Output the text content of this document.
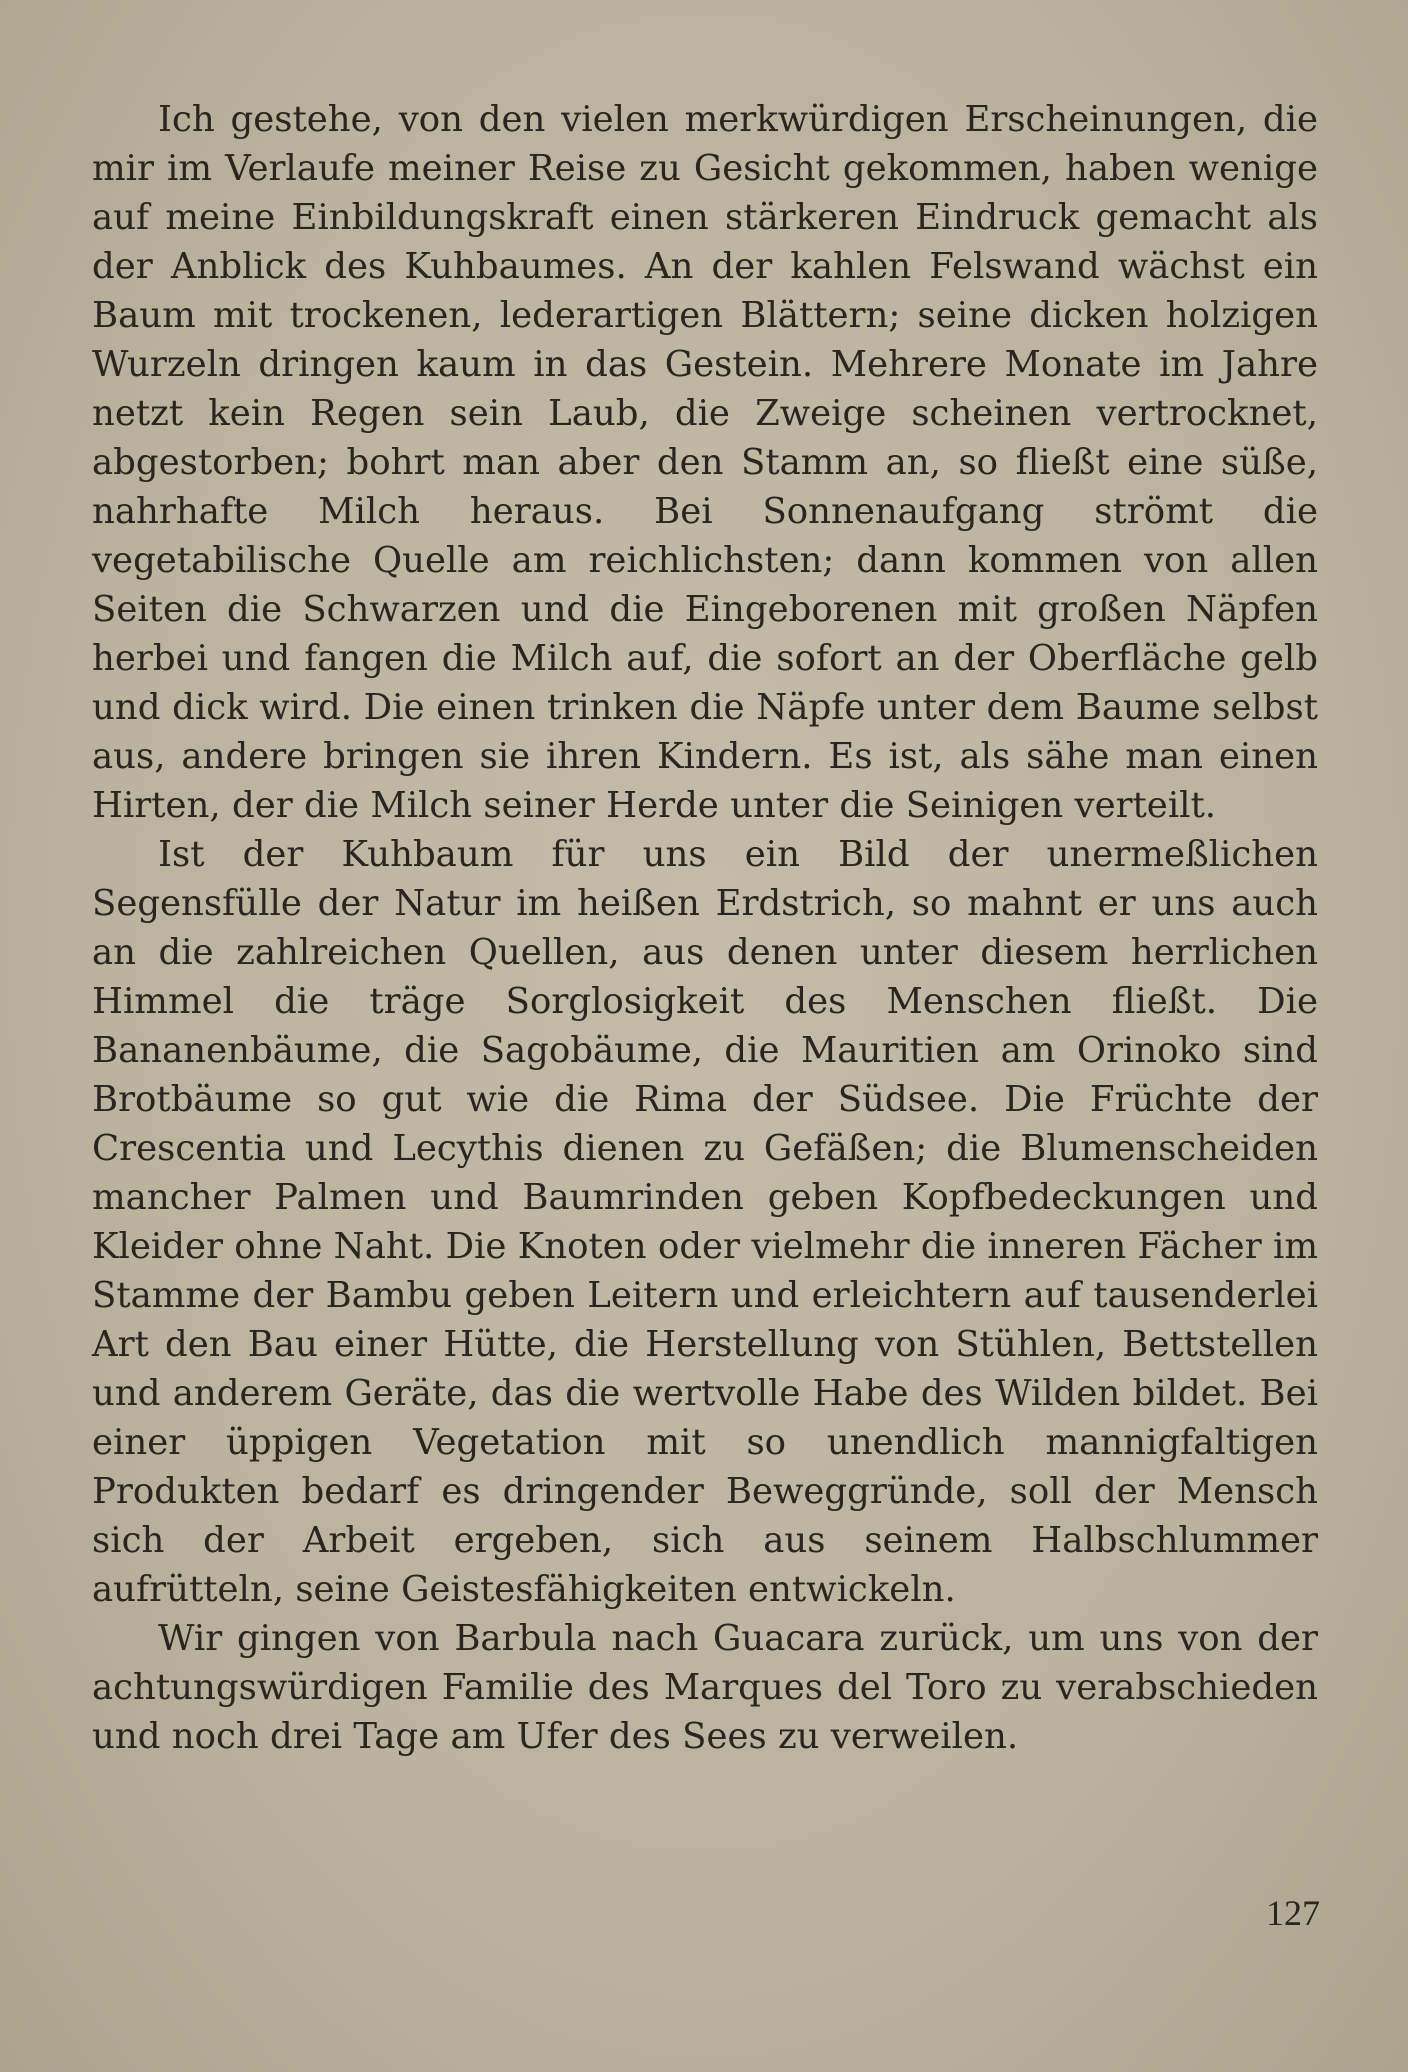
Ich gestehe, von den vielen merkwürdigen Erscheinungen, die mir im Verlaufe meiner Reise zu Gesicht gekommen, haben wenige auf meine Einbildungskraft einen stärkeren Eindruck gemacht als der Anblick des Kuhbaumes. An der kahlen Felswand wächst ein Baum mit trockenen, lederartigen Blättern; seine dicken holzigen Wurzeln dringen kaum in das Gestein. Mehrere Monate im Jahre netzt kein Regen sein Laub, die Zweige scheinen vertrocknet, abgestorben; bohrt man aber den Stamm an, so fließt eine süße, nahrhafte Milch heraus. Bei Sonnenaufgang strömt die vegetabilische Quelle am reichlichsten; dann kommen von allen Seiten die Schwarzen und die Eingeborenen mit großen Näpfen herbei und fangen die Milch auf, die sofort an der Oberfläche gelb und dick wird. Die einen trinken die Näpfe unter dem Baume selbst aus, andere bringen sie ihren Kindern. Es ist, als sähe man einen Hirten, der die Milch seiner Herde unter die Seinigen verteilt.

Ist der Kuhbaum für uns ein Bild der unermeßlichen Segensfülle der Natur im heißen Erdstrich, so mahnt er uns auch an die zahlreichen Quellen, aus denen unter diesem herrlichen Himmel die träge Sorglosigkeit des Menschen fließt. Die Bananenbäume, die Sagobäume, die Mauritien am Orinoko sind Brotbäume so gut wie die Rima der Südsee. Die Früchte der Crescentia und Lecythis dienen zu Gefäßen; die Blumenscheiden mancher Palmen und Baumrinden geben Kopfbedeckungen und Kleider ohne Naht. Die Knoten oder vielmehr die inneren Fächer im Stamme der Bambu geben Leitern und erleichtern auf tausenderlei Art den Bau einer Hütte, die Herstellung von Stühlen, Bettstellen und anderem Geräte, das die wertvolle Habe des Wilden bildet. Bei einer üppigen Vegetation mit so unendlich mannigfaltigen Produkten bedarf es dringender Beweggründe, soll der Mensch sich der Arbeit ergeben, sich aus seinem Halbschlummer aufrütteln, seine Geistesfähigkeiten entwickeln.

Wir gingen von Barbula nach Guacara zurück, um uns von der achtungswürdigen Familie des Marques del Toro zu verabschieden und noch drei Tage am Ufer des Sees zu verweilen.

127
